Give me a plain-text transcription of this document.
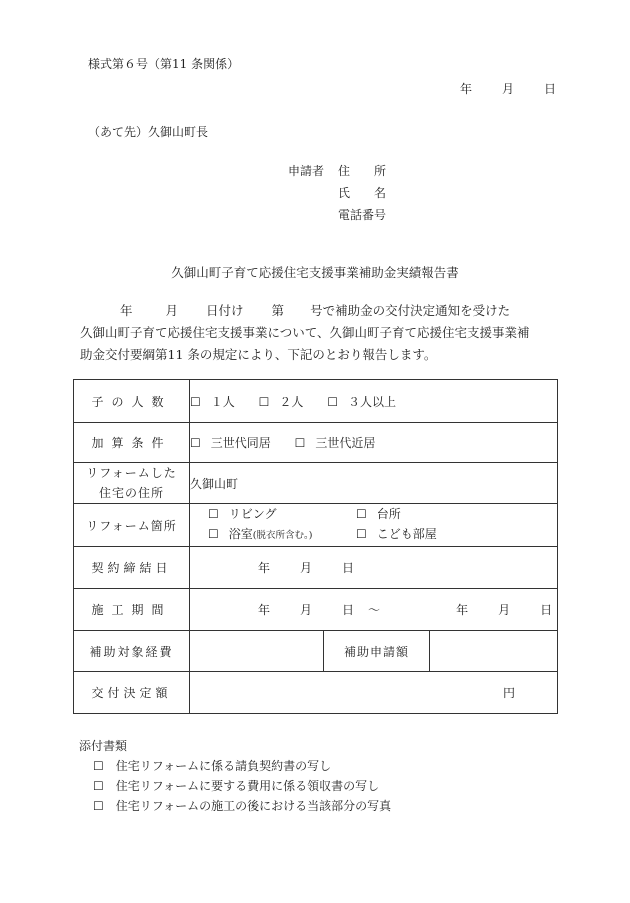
様式第６号（第11 条関係）
年	月	日
（あて先）久御山町長
申請者 住　　所
氏　　名
電話番号
久御山町子育て応援住宅支援事業補助金実績報告書

年	月 日付け 第 号で補助金の交付決定通知を受けた

久御山町子育て応援住宅支援事業について、久御山町子育て応援住宅支援事業補

助金交付要綱第11 条の規定により、下記のとおり報告します。

子の人数	☐ １人 ☐ ２人 ☐ ３人以上		
加算条件	☐ 三世代同居 ☐ 三世代近居		

リフォームした
住宅の住所	久御山町		
リフォーム箇所	☐ リビング ☐ 台所
☐ 浴室(脱衣所含む。) ☐ こども部屋		

契約締結日	年 月 日		
施工期間	年 月 日 ～ 年 月 日		
補助対象経費		補助申請額	
交付決定額	円		
添付書類
☐ 住宅リフォームに係る請負契約書の写し
☐ 住宅リフォームに要する費用に係る領収書の写し
☐ 住宅リフォームの施工の後における当該部分の写真
